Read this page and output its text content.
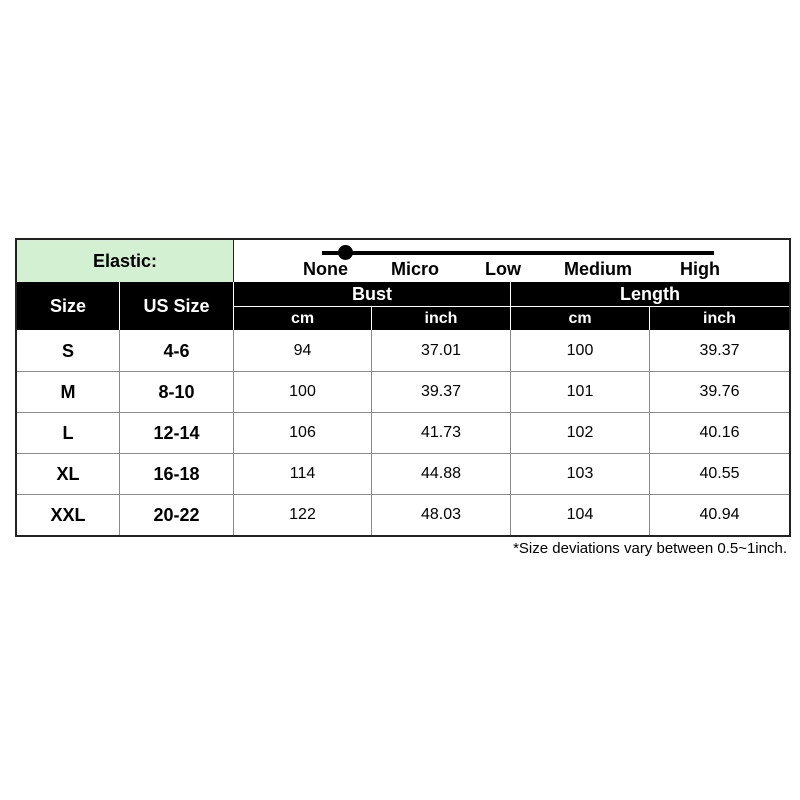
Elastic:	None Micro	Low Medium	High
Size	US Size
Bust	Length
cm	inch	cm	inch
S	4-6	94	37.01	100	39.37
M	8-10	100	39.37	101	39.76
L	12-14	106	41.73	102	40.16
XL	16-18	114	44.88	103	40.55
XXL	20-22	122	48.03	104	40.94
*Size deviations vary between 0.5~1inch.
